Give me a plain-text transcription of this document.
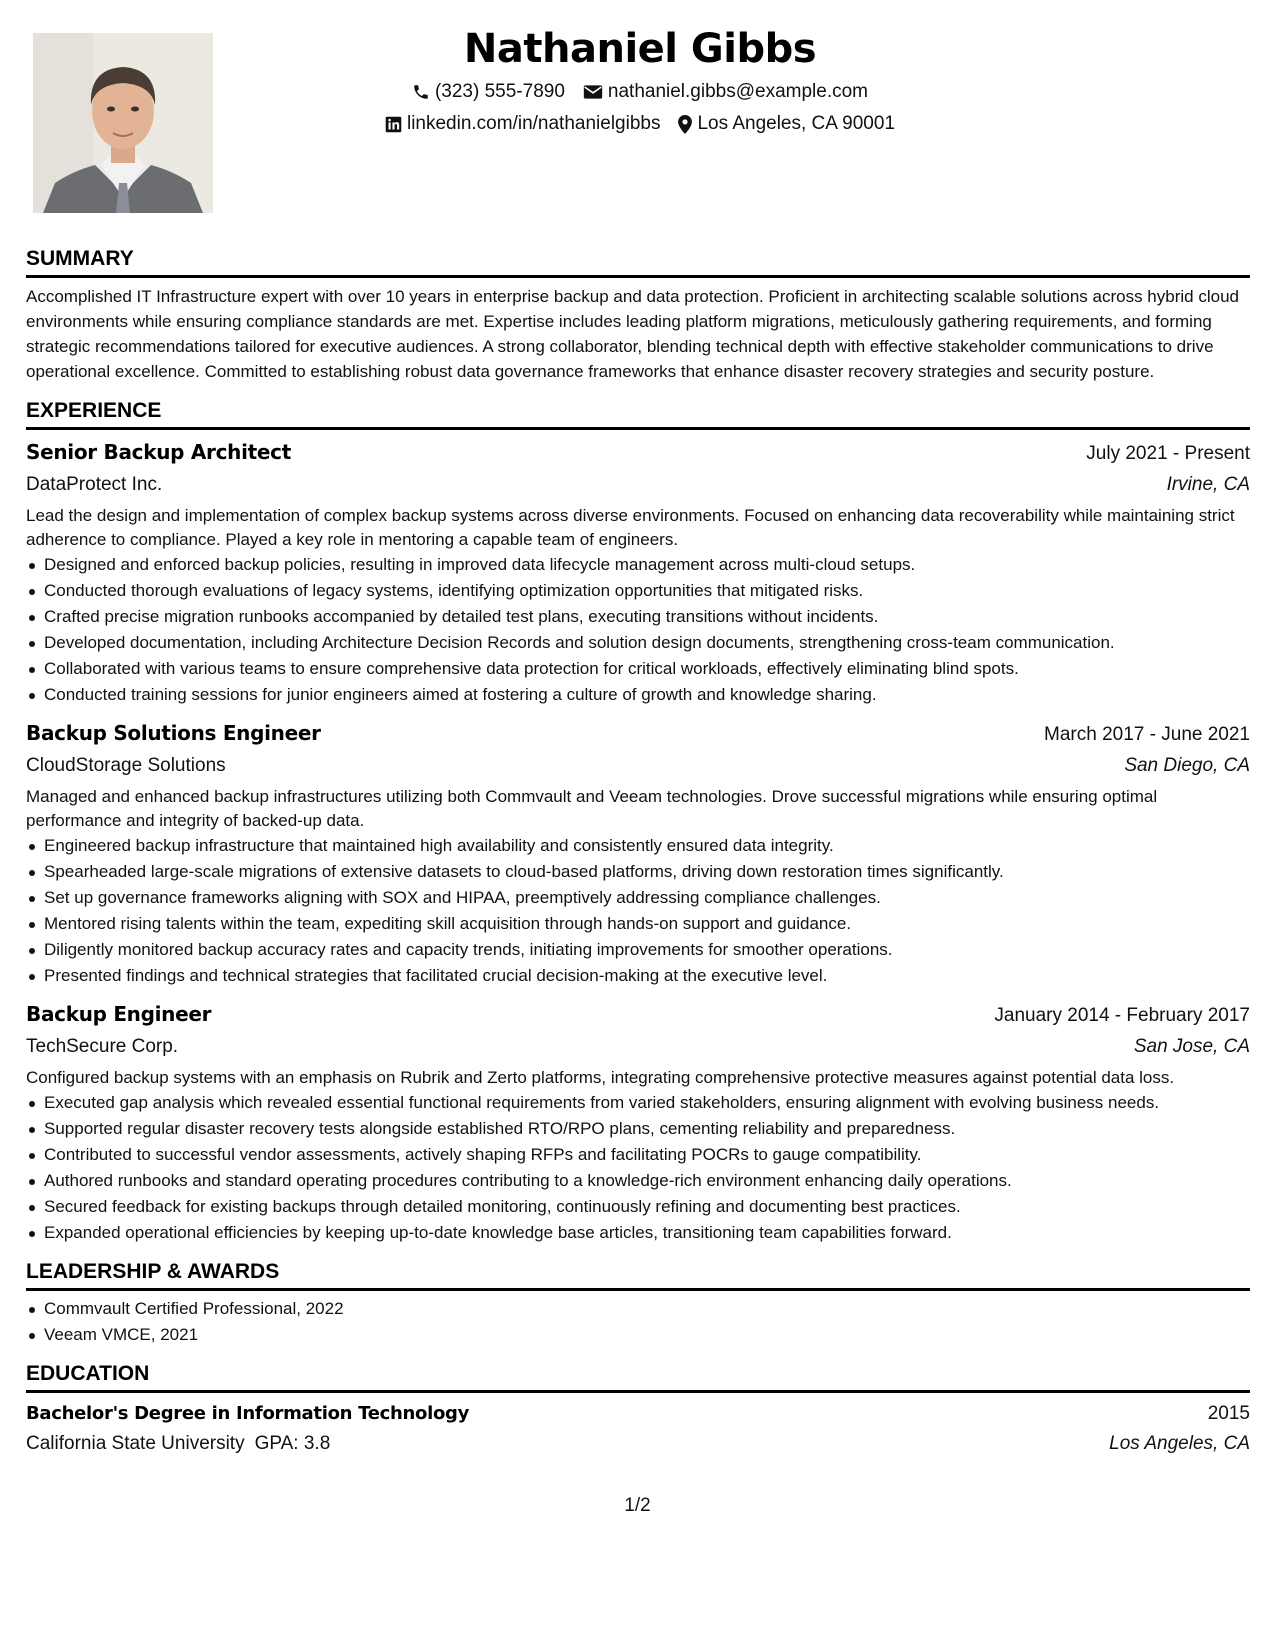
Nathaniel Gibbs
(323) 555-7890 nathaniel.gibbs@example.com
linkedin.com/in/nathanielgibbs Los Angeles, CA 90001
SUMMARY
Accomplished IT Infrastructure expert with over 10 years in enterprise backup and data protection. Proficient in architecting scalable solutions across hybrid cloud environments while ensuring compliance standards are met. Expertise includes leading platform migrations, meticulously gathering requirements, and forming strategic recommendations tailored for executive audiences. A strong collaborator, blending technical depth with effective stakeholder communications to drive operational excellence. Committed to establishing robust data governance frameworks that enhance disaster recovery strategies and security posture.
EXPERIENCE
Senior Backup Architect	July 2021 - Present
DataProtect Inc.	Irvine, CA
Lead the design and implementation of complex backup systems across diverse environments. Focused on enhancing data recoverability while maintaining strict adherence to compliance. Played a key role in mentoring a capable team of engineers.
Designed and enforced backup policies, resulting in improved data lifecycle management across multi-cloud setups.
Conducted thorough evaluations of legacy systems, identifying optimization opportunities that mitigated risks.
Crafted precise migration runbooks accompanied by detailed test plans, executing transitions without incidents.
Developed documentation, including Architecture Decision Records and solution design documents, strengthening cross-team communication.
Collaborated with various teams to ensure comprehensive data protection for critical workloads, effectively eliminating blind spots.
Conducted training sessions for junior engineers aimed at fostering a culture of growth and knowledge sharing.
Backup Solutions Engineer	March 2017 - June 2021
CloudStorage Solutions	San Diego, CA
Managed and enhanced backup infrastructures utilizing both Commvault and Veeam technologies. Drove successful migrations while ensuring optimal performance and integrity of backed-up data.
Engineered backup infrastructure that maintained high availability and consistently ensured data integrity.
Spearheaded large-scale migrations of extensive datasets to cloud-based platforms, driving down restoration times significantly.
Set up governance frameworks aligning with SOX and HIPAA, preemptively addressing compliance challenges.
Mentored rising talents within the team, expediting skill acquisition through hands-on support and guidance.
Diligently monitored backup accuracy rates and capacity trends, initiating improvements for smoother operations.
Presented findings and technical strategies that facilitated crucial decision-making at the executive level.
Backup Engineer	January 2014 - February 2017
TechSecure Corp.	San Jose, CA
Configured backup systems with an emphasis on Rubrik and Zerto platforms, integrating comprehensive protective measures against potential data loss.
Executed gap analysis which revealed essential functional requirements from varied stakeholders, ensuring alignment with evolving business needs.
Supported regular disaster recovery tests alongside established RTO/RPO plans, cementing reliability and preparedness.
Contributed to successful vendor assessments, actively shaping RFPs and facilitating POCRs to gauge compatibility.
Authored runbooks and standard operating procedures contributing to a knowledge-rich environment enhancing daily operations.
Secured feedback for existing backups through detailed monitoring, continuously refining and documenting best practices.
Expanded operational efficiencies by keeping up-to-date knowledge base articles, transitioning team capabilities forward.
LEADERSHIP & AWARDS
Commvault Certified Professional, 2022
Veeam VMCE, 2021
EDUCATION
Bachelor's Degree in Information Technology	2015
California State University GPA: 3.8	Los Angeles, CA
1/2
